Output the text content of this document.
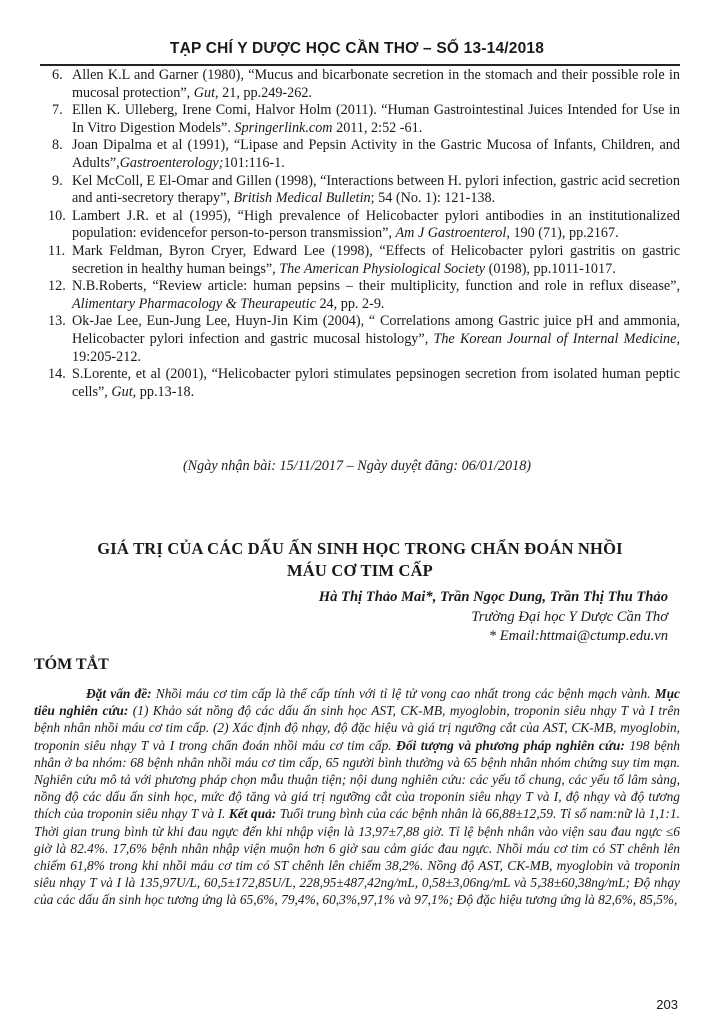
TẠP CHÍ Y DƯỢC HỌC CẦN THƠ – SỐ 13-14/2018

6. Allen K.L and Garner (1980), “Mucus and bicarbonate secretion in the stomach and their possible role in mucosal protection”, Gut, 21, pp.249-262.

7. Ellen K. Ulleberg, Irene Comi, Halvor Holm (2011). “Human Gastrointestinal Juices Intended for Use in In Vitro Digestion Models”. Springerlink.com 2011, 2:52 -61.

8. Joan Dipalma et al (1991), “Lipase and Pepsin Activity in the Gastric Mucosa of Infants, Children, and Adults”,Gastroenterology;101:116-1.

9. Kel McColl, E El-Omar and Gillen (1998), “Interactions between H. pylori infection, gastric acid secretion and anti-secretory therapy”, British Medical Bulletin; 54 (No. 1): 121-138.

10. Lambert J.R. et al (1995), “High prevalence of Helicobacter pylori antibodies in an institutionalized population: evidencefor person-to-person transmission”, Am J Gastroenterol, 190 (71), pp.2167.

11. Mark Feldman, Byron Cryer, Edward Lee (1998), “Effects of Helicobacter pylori gastritis on gastric secretion in healthy human beings”, The American Physiological Society (0198), pp.1011-1017.

12. N.B.Roberts, “Review article: human pepsins – their multiplicity, function and role in reflux disease”, Alimentary Pharmacology & Theurapeutic 24, pp. 2-9.

13. Ok-Jae Lee, Eun-Jung Lee, Huyn-Jin Kim (2004), “ Correlations among Gastric juice pH and ammonia, Helicobacter pylori infection and gastric mucosal histology”, The Korean Journal of Internal Medicine, 19:205-212.

14. S.Lorente, et al (2001), “Helicobacter pylori stimulates pepsinogen secretion from isolated human peptic cells”, Gut, pp.13-18.

(Ngày nhận bài: 15/11/2017 – Ngày duyệt đăng: 06/01/2018)
GIÁ TRỊ CỦA CÁC DẤU ẤN SINH HỌC TRONG CHẨN ĐOÁN NHỒI
MÁU CƠ TIM CẤP
Hà Thị Thảo Mai*, Trần Ngọc Dung, Trần Thị Thu Thảo
Trường Đại học Y Dược Cần Thơ
* Email:httmai@ctump.edu.vn
TÓM TẮT

Đặt vấn đề: Nhồi máu cơ tim cấp là thể cấp tính với tỉ lệ tử vong cao nhất trong các bệnh mạch vành. Mục tiêu nghiên cứu: (1) Khảo sát nồng độ các dấu ấn sinh học AST, CK-MB, myoglobin, troponin siêu nhạy T và I trên bệnh nhân nhồi máu cơ tim cấp. (2) Xác định độ nhạy, độ đặc hiệu và giá trị ngưỡng cắt của AST, CK-MB, myoglobin, troponin siêu nhạy T và I trong chẩn đoán nhồi máu cơ tim cấp. Đối tượng và phương pháp nghiên cứu: 198 bệnh nhân ở ba nhóm: 68 bệnh nhân nhồi máu cơ tim cấp, 65 người bình thường và 65 bệnh nhân nhóm chứng suy tim mạn. Nghiên cứu mô tả với phương pháp chọn mẫu thuận tiện; nội dung nghiên cứu: các yếu tố chung, các yếu tố lâm sàng, nồng độ các dấu ấn sinh học, mức độ tăng và giá trị ngưỡng cắt của troponin siêu nhạy T và I, độ nhạy và độ tương thích của troponin siêu nhạy T và I. Kết quả: Tuổi trung bình của các bệnh nhân là 66,88±12,59. Tỉ số nam:nữ là 1,1:1. Thời gian trung bình từ khi đau ngực đến khi nhập viện là 13,97±7,88 giờ. Tỉ lệ bệnh nhân vào viện sau đau ngực ≤6 giờ là 82.4%. 17,6% bệnh nhân nhập viện muộn hơn 6 giờ sau cảm giác đau ngực. Nhồi máu cơ tim có ST chênh lên chiếm 61,8% trong khi nhồi máu cơ tim có ST chênh lên chiếm 38,2%. Nồng độ AST, CK-MB, myoglobin và troponin siêu nhạy T và I là 135,97U/L, 60,5±172,85U/L, 228,95±487,42ng/mL, 0,58±3,06ng/mL và 5,38±60,38ng/mL; Độ nhạy của các dấu ấn sinh học tương ứng là 65,6%, 79,4%, 60,3%,97,1% và 97,1%; Độ đặc hiệu tương ứng là 82,6%, 85,5%,

203
